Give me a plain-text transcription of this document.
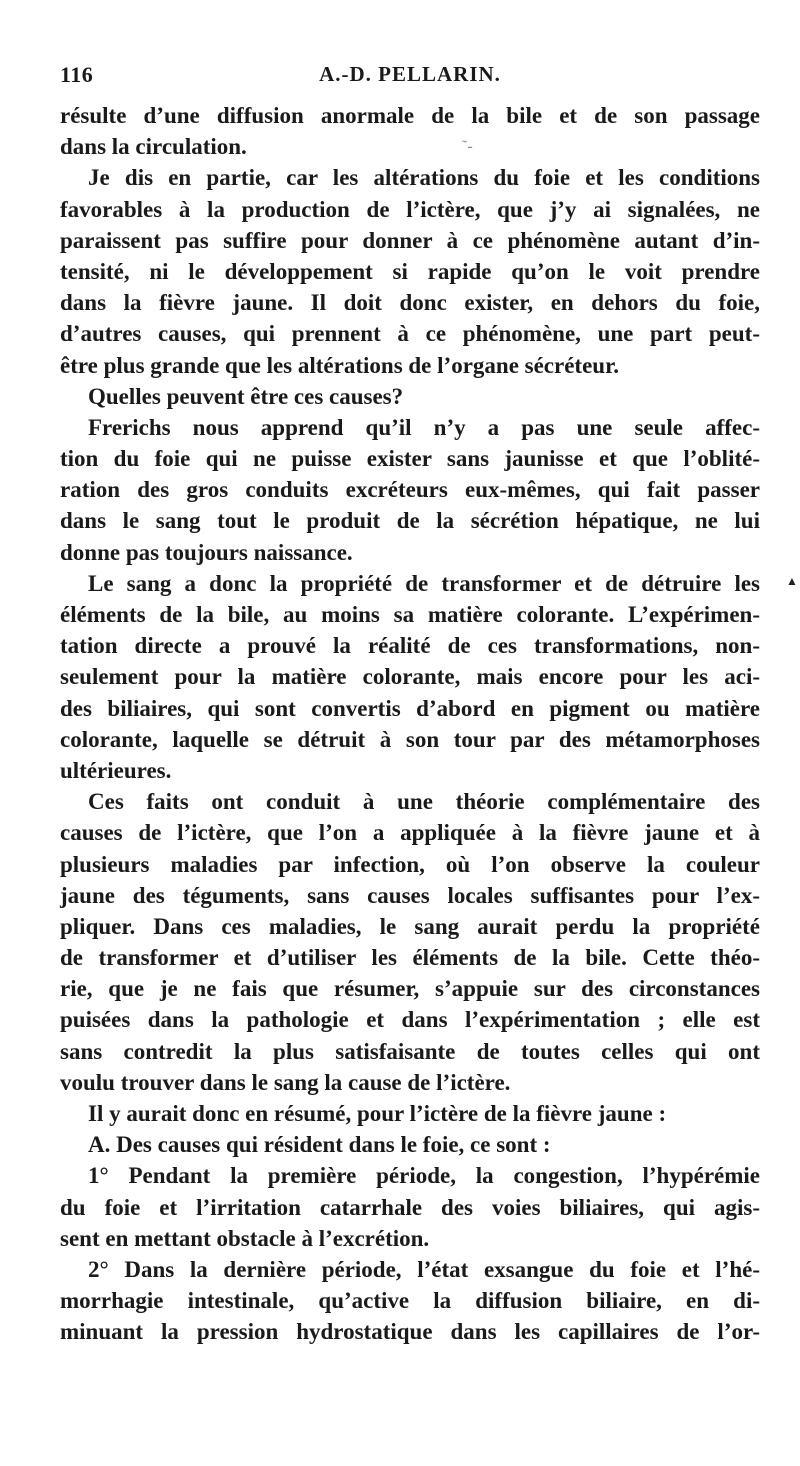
116	A.-D. PELLARIN.
résulte d’une diffusion anormale de la bile et de son passage
dans la circulation.
Je dis en partie, car les altérations du foie et les conditions
favorables à la production de l’ictère, que j’y ai signalées, ne
paraissent pas suffire pour donner à ce phénomène autant d’in-
tensité, ni le développement si rapide qu’on le voit prendre
dans la fièvre jaune. Il doit donc exister, en dehors du foie,
d’autres causes, qui prennent à ce phénomène, une part peut-
être plus grande que les altérations de l’organe sécréteur.
Quelles peuvent être ces causes?
Frerichs nous apprend qu’il n’y a pas une seule affec-
tion du foie qui ne puisse exister sans jaunisse et que l’oblité-
ration des gros conduits excréteurs eux-mêmes, qui fait passer
dans le sang tout le produit de la sécrétion hépatique, ne lui
donne pas toujours naissance.
Le sang a donc la propriété de transformer et de détruire les
éléments de la bile, au moins sa matière colorante. L’expérimen-
tation directe a prouvé la réalité de ces transformations, non-
seulement pour la matière colorante, mais encore pour les aci-
des biliaires, qui sont convertis d’abord en pigment ou matière
colorante, laquelle se détruit à son tour par des métamorphoses
ultérieures.
Ces faits ont conduit à une théorie complémentaire des
causes de l’ictère, que l’on a appliquée à la fièvre jaune et à
plusieurs maladies par infection, où l’on observe la couleur
jaune des téguments, sans causes locales suffisantes pour l’ex-
pliquer. Dans ces maladies, le sang aurait perdu la propriété
de transformer et d’utiliser les éléments de la bile. Cette théo-
rie, que je ne fais que résumer, s’appuie sur des circonstances
puisées dans la pathologie et dans l’expérimentation ; elle est
sans contredit la plus satisfaisante de toutes celles qui ont
voulu trouver dans le sang la cause de l’ictère.
Il y aurait donc en résumé, pour l’ictère de la fièvre jaune :
A. Des causes qui résident dans le foie, ce sont :
1° Pendant la première période, la congestion, l’hypérémie
du foie et l’irritation catarrhale des voies biliaires, qui agis-
sent en mettant obstacle à l’excrétion.
2° Dans la dernière période, l’état exsangue du foie et l’hé-
morrhagie intestinale, qu’active la diffusion biliaire, en di-
minuant la pression hydrostatique dans les capillaires de l’or-
˜‑
▲
